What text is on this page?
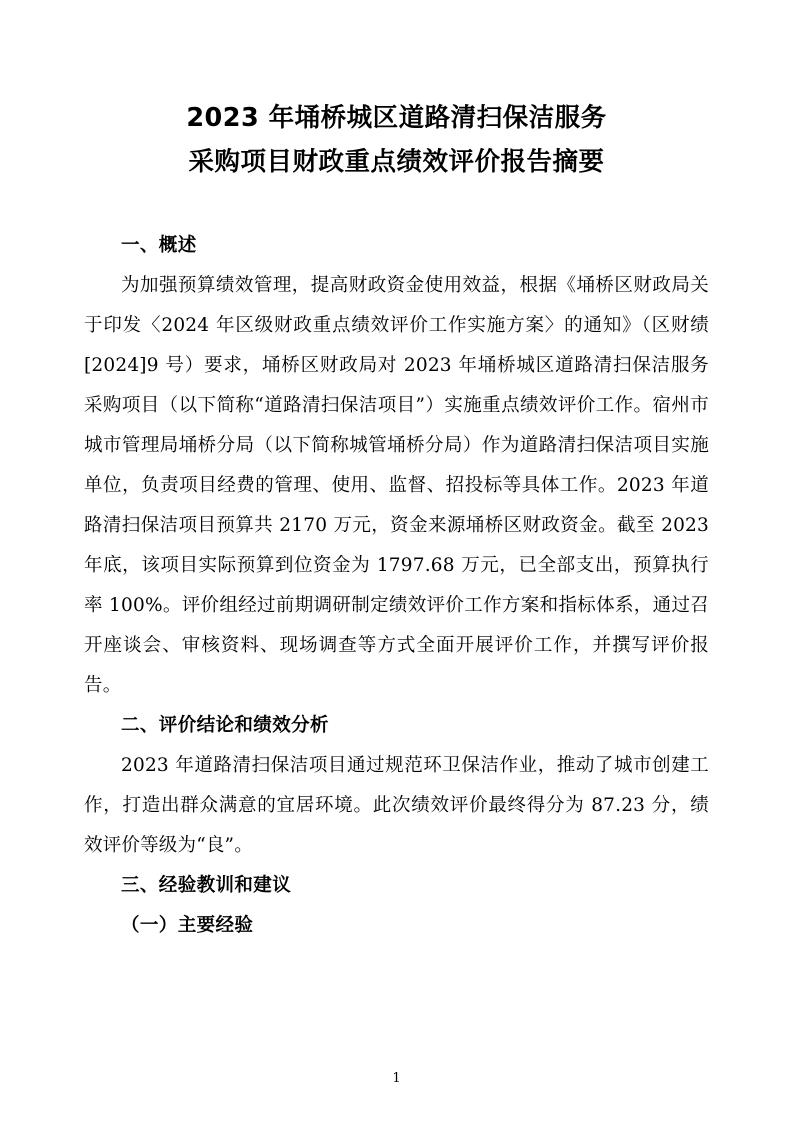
2023 年埇桥城区道路清扫保洁服务
采购项目财政重点绩效评价报告摘要
一、概述

为加强预算绩效管理，提高财政资金使用效益，根据《埇桥区财政局关于印发〈2024 年区级财政重点绩效评价工作实施方案〉的通知》（区财绩[2024]9 号）要求，埇桥区财政局对 2023 年埇桥城区道路清扫保洁服务采购项目（以下简称“道路清扫保洁项目”）实施重点绩效评价工作。宿州市城市管理局埇桥分局（以下简称城管埇桥分局）作为道路清扫保洁项目实施单位，负责项目经费的管理、使用、监督、招投标等具体工作。2023 年道路清扫保洁项目预算共 2170 万元，资金来源埇桥区财政资金。截至 2023 年底，该项目实际预算到位资金为 1797.68 万元，已全部支出，预算执行率 100%。评价组经过前期调研制定绩效评价工作方案和指标体系，通过召开座谈会、审核资料、现场调查等方式全面开展评价工作，并撰写评价报告。

二、评价结论和绩效分析

2023 年道路清扫保洁项目通过规范环卫保洁作业，推动了城市创建工作，打造出群众满意的宜居环境。此次绩效评价最终得分为 87.23 分，绩效评价等级为“良”。

三、经验教训和建议
（一）主要经验
1
